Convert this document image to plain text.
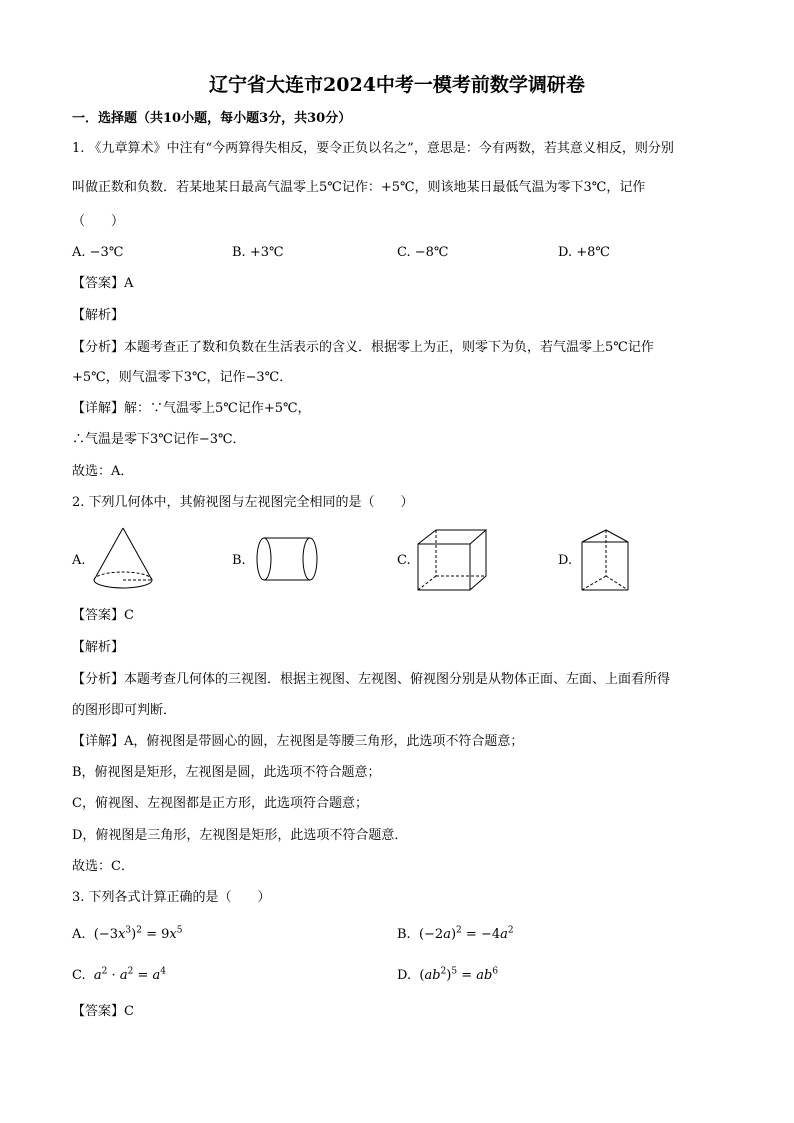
辽宁省大连市2024中考一模考前数学调研卷
一．选择题（共10小题，每小题3分，共30分）
1. 《九章算术》中注有“今两算得失相反，要令正负以名之”，意思是：今有两数，若其意义相反，则分别
叫做正数和负数．若某地某日最高气温零上5℃记作：+5℃，则该地某日最低气温为零下3℃，记作
（　　）
A. −3℃	B. +3℃	C. −8℃	D. +8℃
【答案】A
【解析】
【分析】本题考查正了数和负数在生活表示的含义．根据零上为正，则零下为负，若气温零上5℃记作
+5℃，则气温零下3℃，记作−3℃．
【详解】解：∵气温零上5℃记作+5℃，
∴气温是零下3℃记作−3℃．
故选：A．
2. 下列几何体中，其俯视图与左视图完全相同的是（　　）
A.	B.	C.	D.
【答案】C
【解析】
【分析】本题考查几何体的三视图．根据主视图、左视图、俯视图分别是从物体正面、左面、上面看所得
的图形即可判断．
【详解】A，俯视图是带圆心的圆，左视图是等腰三角形，此选项不符合题意；
B，俯视图是矩形，左视图是圆，此选项不符合题意；
C，俯视图、左视图都是正方形，此选项符合题意；
D，俯视图是三角形，左视图是矩形，此选项不符合题意．
故选：C．
3. 下列各式计算正确的是（　　）
A.  $(-3x^3)^2 = 9x^5$	B.  $(-2a)^2 = -4a^2$
C. $a^2 \cdot a^2 = a^4$	D.  $(ab^2)^5 = ab^6$
【答案】C
